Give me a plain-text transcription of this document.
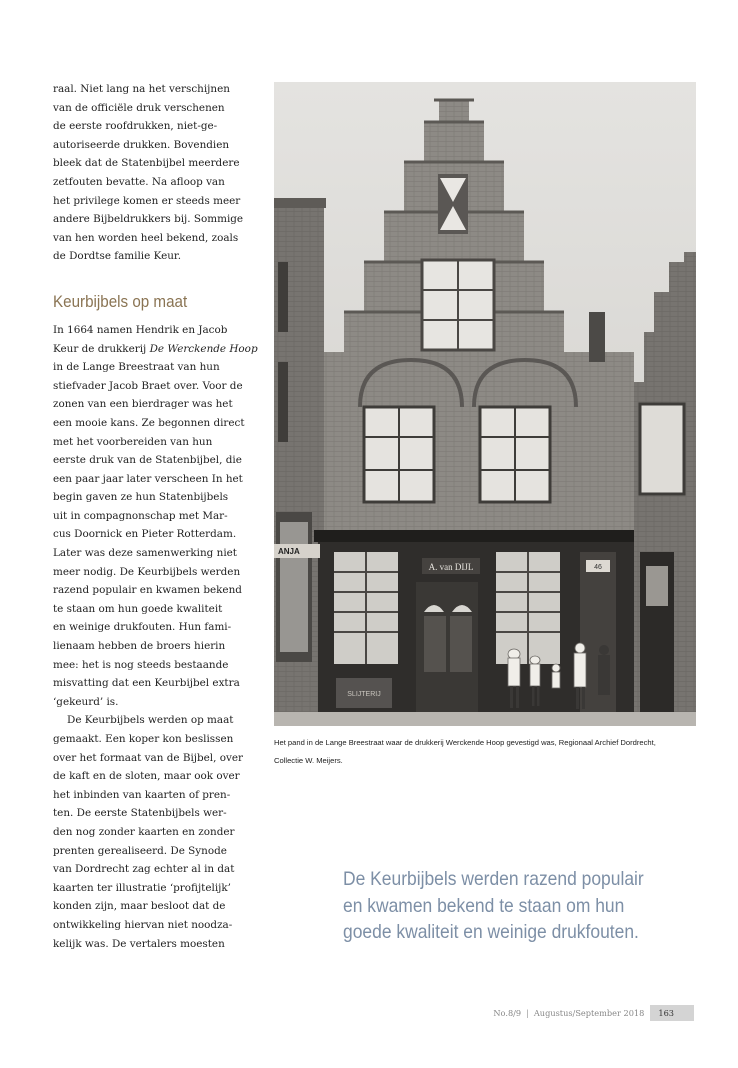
raal. Niet lang na het verschijnen
van de officiële druk verschenen
de eerste roofdrukken, niet-ge-
autoriseerde drukken. Bovendien
bleek dat de Statenbijbel meerdere
zetfouten bevatte. Na afloop van
het privilege komen er steeds meer
andere Bijbeldrukkers bij. Sommige
van hen worden heel bekend, zoals
de Dordtse familie Keur.

Keurbijbels op maat

In 1664 namen Hendrik en Jacob
Keur de drukkerij De Werckende Hoop
in de Lange Breestraat van hun
stiefvader Jacob Braet over. Voor de
zonen van een bierdrager was het
een mooie kans. Ze begonnen direct
met het voorbereiden van hun
eerste druk van de Statenbijbel, die
een paar jaar later verscheen In het
begin gaven ze hun Statenbijbels
uit in compagnonschap met Mar-
cus Doornick en Pieter Rotterdam.
Later was deze samenwerking niet
meer nodig. De Keurbijbels werden
razend populair en kwamen bekend
te staan om hun goede kwaliteit
en weinige drukfouten. Hun fami-
lienaam hebben de broers hierin
mee: het is nog steeds bestaande
misvatting dat een Keurbijbel extra
‘gekeurd’ is.

De Keurbijbels werden op maat
gemaakt. Een koper kon beslissen
over het formaat van de Bijbel, over
de kaft en de sloten, maar ook over
het inbinden van kaarten of pren-
ten. De eerste Statenbijbels wer-
den nog zonder kaarten en zonder
prenten gerealiseerd. De Synode
van Dordrecht zag echter al in dat
kaarten ter illustratie ‘profijtelijk’
konden zijn, maar besloot dat de
ontwikkeling hiervan niet noodza-
kelijk was. De vertalers moesten

A. van DIJL	46
SLIJTERIJ
ANJA
Het pand in de Lange Breestraat waar de drukkerij Werckende Hoop gevestigd was, Regionaal Archief Dordrecht,
Collectie W. Meijers.
De Keurbijbels werden razend populair
en kwamen bekend te staan om hun
goede kwaliteit en weinige drukfouten.
No.8/9 | Augustus/September 2018	163
